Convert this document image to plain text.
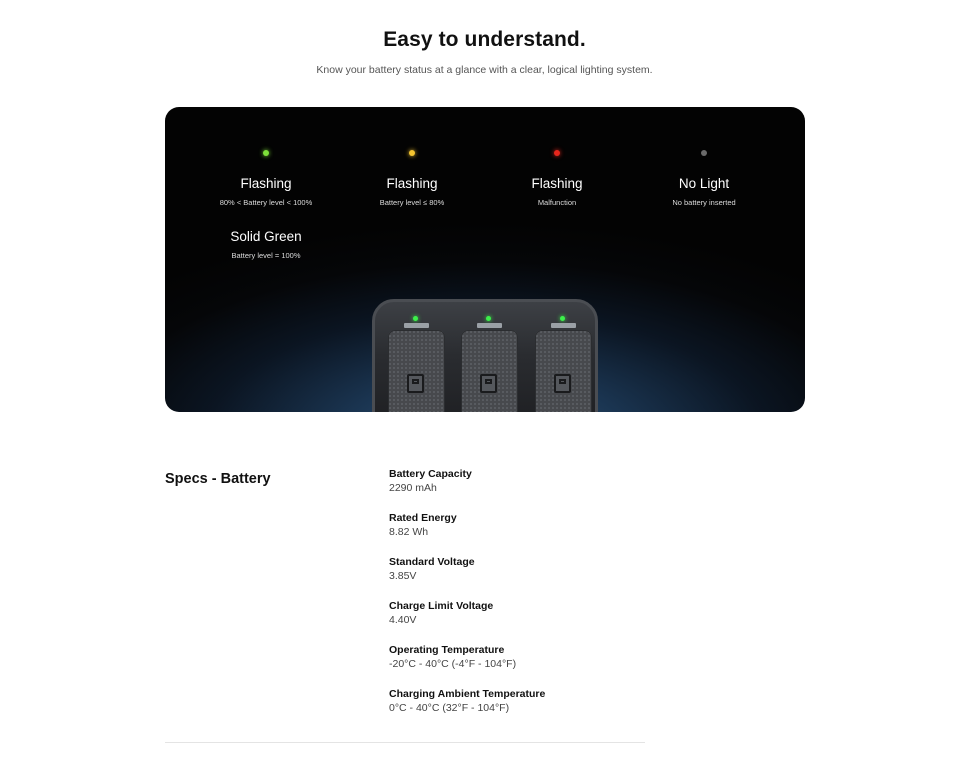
Easy to understand.

Know your battery status at a glance with a clear, logical lighting system.

Flashing
80% < Battery level < 100%
Solid Green
Battery level = 100%
Flashing
Battery level ≤ 80%
Flashing
Malfunction
No Light
No battery inserted
Specs - Battery	Battery Capacity
2290 mAh
Rated Energy
8.82 Wh
Standard Voltage
3.85V
Charge Limit Voltage
4.40V
Operating Temperature
-20°C - 40°C (-4°F - 104°F)
Charging Ambient Temperature
0°C - 40°C (32°F - 104°F)
